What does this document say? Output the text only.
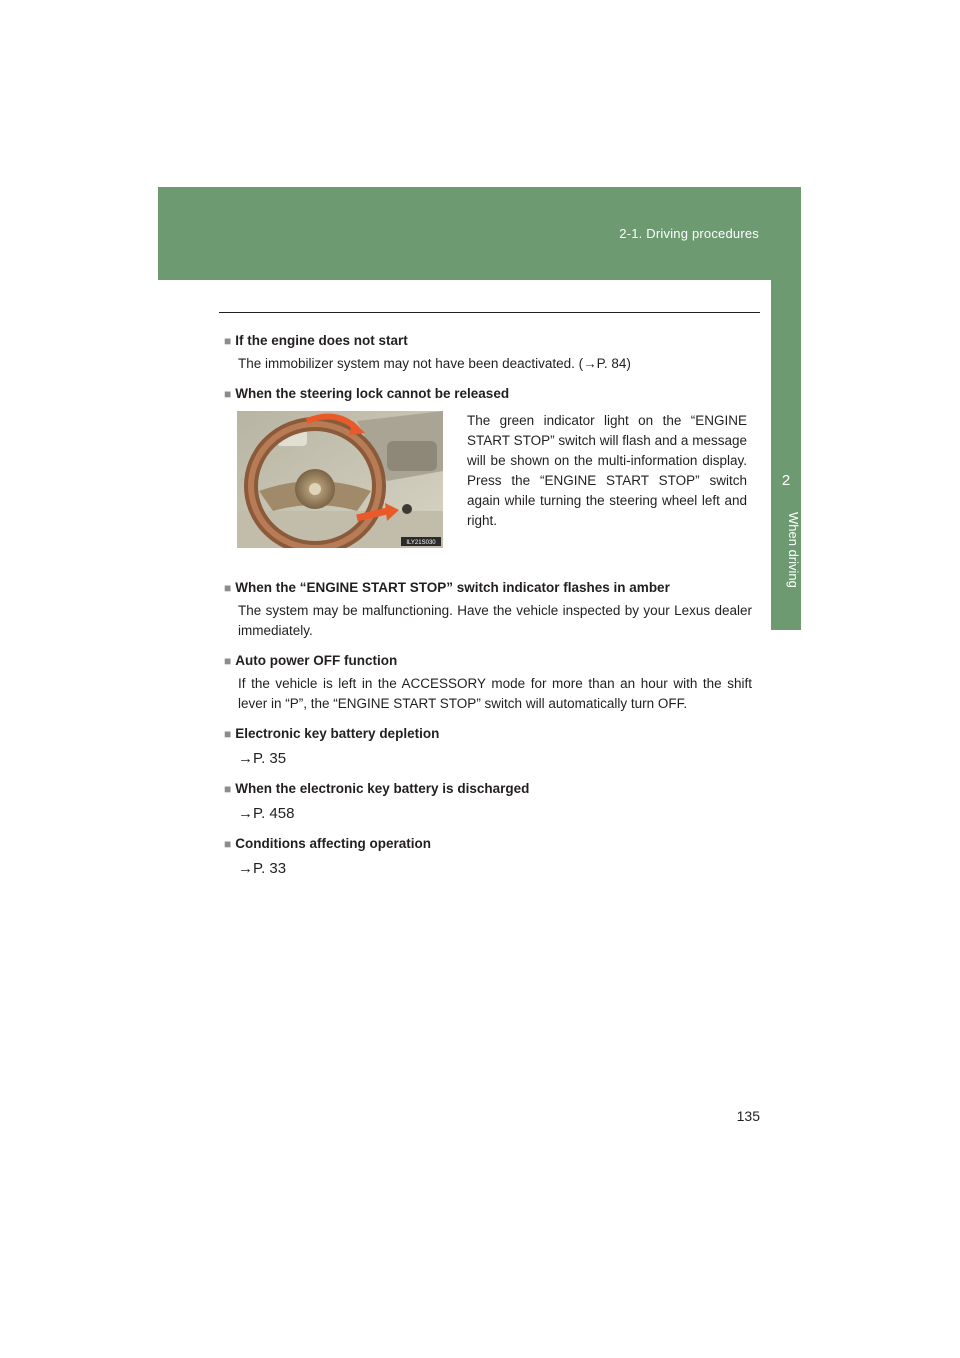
2-1. Driving procedures
2
When driving

■ If the engine does not start

The immobilizer system may not have been deactivated. (→P. 84)

■ When the steering lock cannot be released

ILY21S030
The green indicator light on the “ENGINE START STOP” switch will flash and a message will be shown on the multi-information display. Press the “ENGINE START STOP” switch again while turning the steering wheel left and right.

■ When the “ENGINE START STOP” switch indicator flashes in amber

The system may be malfunctioning. Have the vehicle inspected by your Lexus dealer immediately.

■ Auto power OFF function

If the vehicle is left in the ACCESSORY mode for more than an hour with the shift lever in “P”, the “ENGINE START STOP” switch will automatically turn OFF.

■ Electronic key battery depletion

→P. 35

■ When the electronic key battery is discharged

→P. 458

■ Conditions affecting operation

→P. 33

135
